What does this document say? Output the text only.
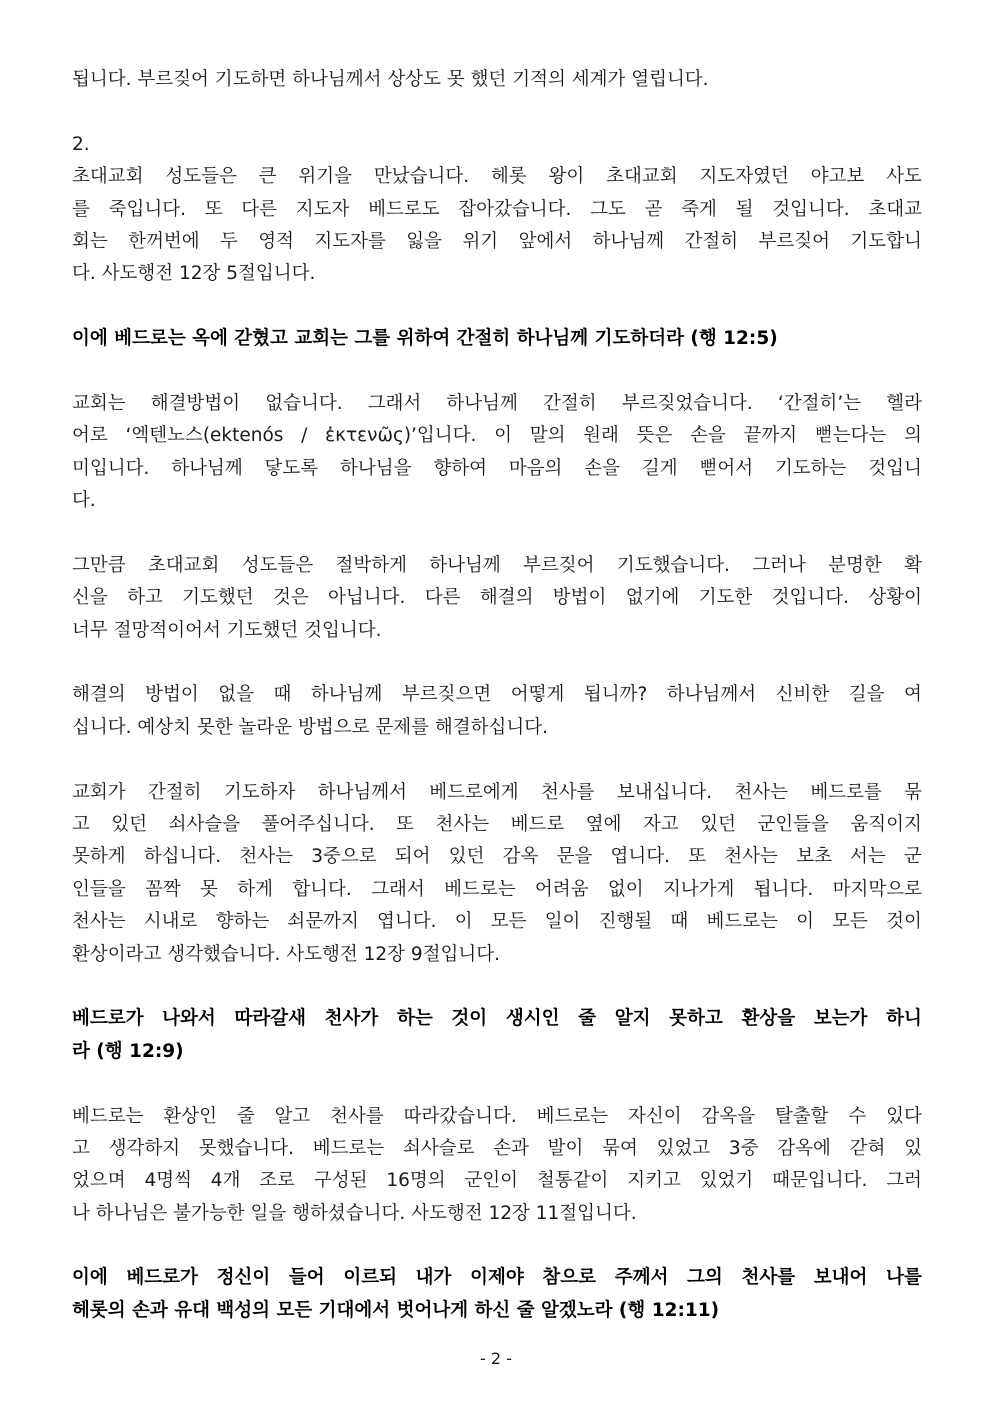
됩니다. 부르짖어 기도하면 하나님께서 상상도 못 했던 기적의 세계가 열립니다.
2.
초대교회 성도들은 큰 위기을 만났습니다. 헤롯 왕이 초대교회 지도자였던 야고보 사도
를 죽입니다. 또 다른 지도자 베드로도 잡아갔습니다. 그도 곧 죽게 될 것입니다. 초대교
회는 한꺼번에 두 영적 지도자를 잃을 위기 앞에서 하나님께 간절히 부르짖어 기도합니
다. 사도행전 12장 5절입니다.
이에 베드로는 옥에 갇혔고 교회는 그를 위하여 간절히 하나님께 기도하더라 (행 12:5)
교회는 해결방법이 없습니다. 그래서 하나님께 간절히 부르짖었습니다. ‘간절히’는 헬라
어로 ‘엑텐노스(ektenós / ἐκτενῶς)’입니다. 이 말의 원래 뜻은 손을 끝까지 뻗는다는 의
미입니다. 하나님께 닿도록 하나님을 향하여 마음의 손을 길게 뻗어서 기도하는 것입니
다.
그만큼 초대교회 성도들은 절박하게 하나님께 부르짖어 기도했습니다. 그러나 분명한 확
신을 하고 기도했던 것은 아닙니다. 다른 해결의 방법이 없기에 기도한 것입니다. 상황이
너무 절망적이어서 기도했던 것입니다.
해결의 방법이 없을 때 하나님께 부르짖으면 어떻게 됩니까? 하나님께서 신비한 길을 여
십니다. 예상치 못한 놀라운 방법으로 문제를 해결하십니다.
교회가 간절히 기도하자 하나님께서 베드로에게 천사를 보내십니다. 천사는 베드로를 묶
고 있던 쇠사슬을 풀어주십니다. 또 천사는 베드로 옆에 자고 있던 군인들을 움직이지
못하게 하십니다. 천사는 3중으로 되어 있던 감옥 문을 엽니다. 또 천사는 보초 서는 군
인들을 꼼짝 못 하게 합니다. 그래서 베드로는 어려움 없이 지나가게 됩니다. 마지막으로
천사는 시내로 향하는 쇠문까지 엽니다. 이 모든 일이 진행될 때 베드로는 이 모든 것이
환상이라고 생각했습니다. 사도행전 12장 9절입니다.
베드로가 나와서 따라갈새 천사가 하는 것이 생시인 줄 알지 못하고 환상을 보는가 하니
라 (행 12:9)
베드로는 환상인 줄 알고 천사를 따라갔습니다. 베드로는 자신이 감옥을 탈출할 수 있다
고 생각하지 못했습니다. 베드로는 쇠사슬로 손과 발이 묶여 있었고 3중 감옥에 갇혀 있
었으며 4명씩 4개 조로 구성된 16명의 군인이 철통같이 지키고 있었기 때문입니다. 그러
나 하나님은 불가능한 일을 행하셨습니다. 사도행전 12장 11절입니다.
이에 베드로가 정신이 들어 이르되 내가 이제야 참으로 주께서 그의 천사를 보내어 나를
헤롯의 손과 유대 백성의 모든 기대에서 벗어나게 하신 줄 알겠노라 (행 12:11)
- 2 -
